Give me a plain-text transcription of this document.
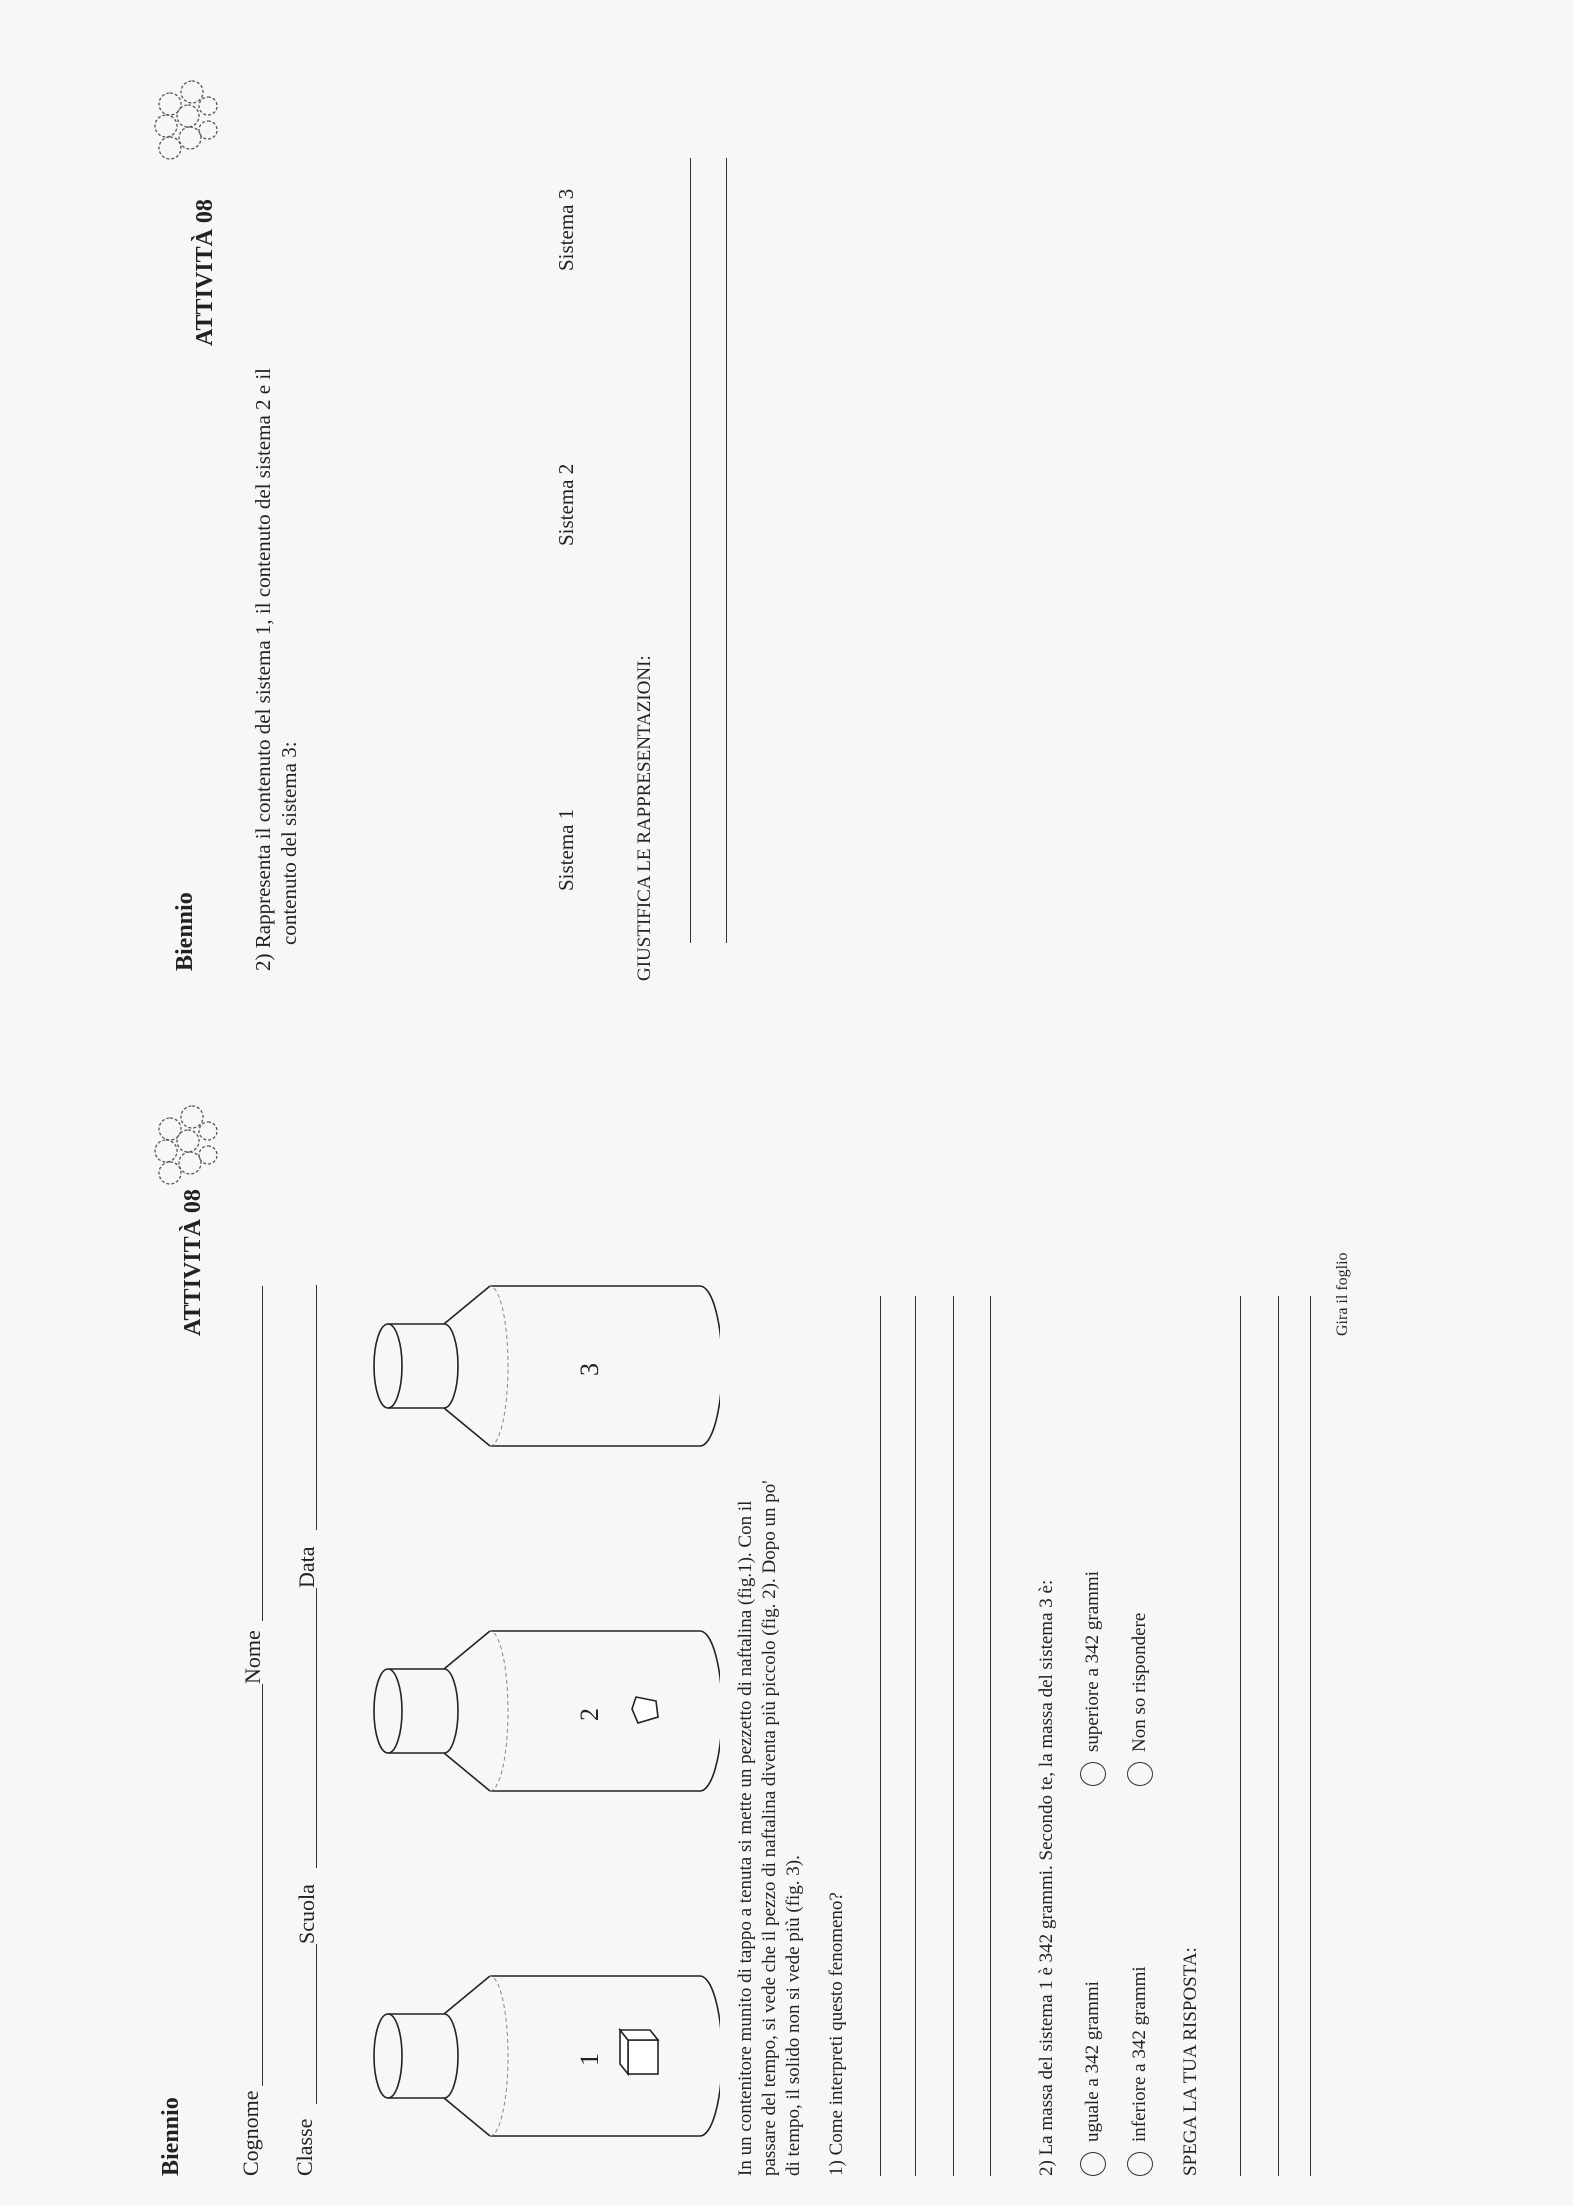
Biennio
ATTIVITÀ 08
Cognome
Nome
Classe
Scuola
Data
1
2
3
In un contenitore munito di tappo a tenuta si mette un pezzetto di naftalina (fig.1). Con il passare del tempo, si vede che il pezzo di naftalina diventa più piccolo (fig. 2). Dopo un po' di tempo, il solido non si vede più (fig. 3). 1) Come interpreti questo fenomeno?	2) La massa del sistema 1 è 342 grammi. Secondo te, la massa del sistema 3 è: uguale a 342 grammi
superiore a 342 grammi
inferiore a 342 grammi
Non so rispondere
SPEGA LA TUA RISPOSTA:
Gira il foglio
Biennio
ATTIVITÀ 08
2) Rappresenta il contenuto del sistema 1, il contenuto del sistema 2 e il contenuto del sistema 3:	Sistema 1
Sistema 2
Sistema 3
GIUSTIFICA LE RAPPRESENTAZIONI:
